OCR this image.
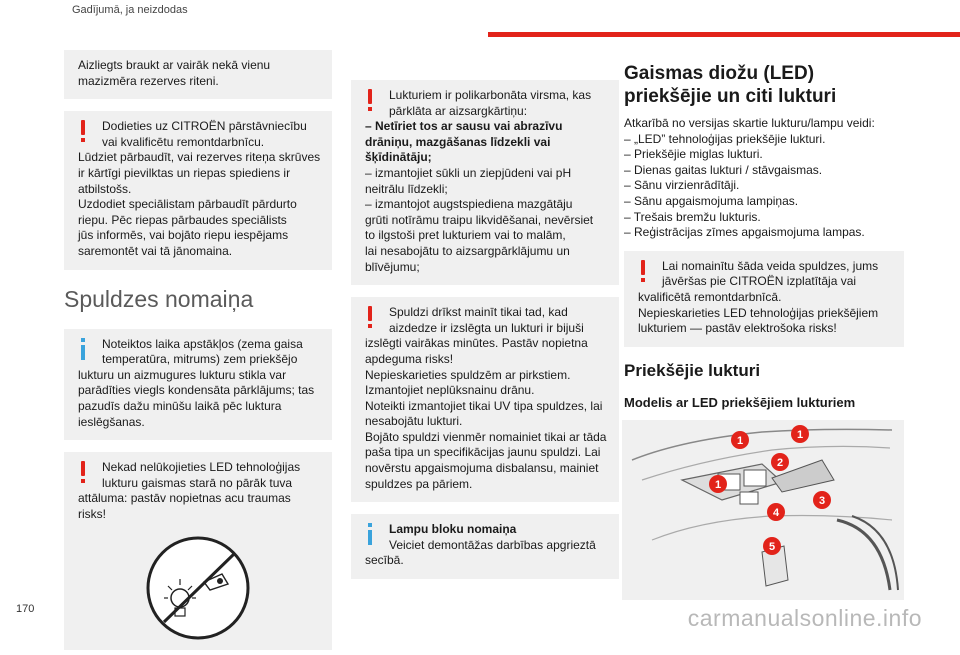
Gadījumā, ja neizdodas
Aizliegts braukt ar vairāk nekā vienu
mazizmēra rezerves riteni.
Dodieties uz CITROËN pārstāvniecību
vai kvalificētu remontdarbnīcu.
Lūdziet pārbaudīt, vai rezerves riteņa skrūves
ir kārtīgi pievilktas un riepas spiediens ir
atbilstošs.
Uzdodiet speciālistam pārbaudīt pārdurto
riepu. Pēc riepas pārbaudes speciālists
jūs informēs, vai bojāto riepu iespējams
saremontēt vai tā jānomaina.
Spuldzes nomaiņa
Noteiktos laika apstākļos (zema gaisa
temperatūra, mitrums) zem priekšējo
lukturu un aizmugures lukturu stikla var
parādīties viegls kondensāta pārklājums; tas
pazudīs dažu minūšu laikā pēc luktura
ieslēgšanas.
Nekad nelūkojieties LED tehnoloģijas
lukturu gaismas starā no pārāk tuva
attāluma: pastāv nopietnas acu traumas risks!
Lukturiem ir polikarbonāta virsma, kas
pārklāta ar aizsargkārtiņu:
– Netīriet tos ar sausu vai abrazīvu
drāniņu, mazgāšanas līdzekli vai
šķīdinātāju;
– izmantojiet sūkli un ziepjūdeni vai pH
neitrālu līdzekli;
– izmantojot augstspiediena mazgātāju
grūti notīrāmu traipu likvidēšanai, nevērsiet
to ilgstoši pret lukturiem vai to malām,
lai nesabojātu to aizsargpārklājumu un
blīvējumu;
Spuldzi drīkst mainīt tikai tad, kad
aizdedze ir izslēgta un lukturi ir bijuši
izslēgti vairākas minūtes. Pastāv nopietna
apdeguma risks!
Nepieskarieties spuldzēm ar pirkstiem.
Izmantojiet neplūksnainu drānu.
Noteikti izmantojiet tikai UV tipa spuldzes, lai
nesabojātu lukturi.
Bojāto spuldzi vienmēr nomainiet tikai ar tāda
paša tipa un specifikācijas jaunu spuldzi. Lai
novērstu apgaismojuma disbalansu, mainiet
spuldzes pa pāriem.
Lampu bloku nomaiņa
Veiciet demontāžas darbības apgrieztā
secībā.
Gaismas diožu (LED)
priekšējie un citi lukturi
Atkarībā no versijas skartie lukturu/lampu veidi:
– „LED” tehnoloģijas priekšējie lukturi.
– Priekšējie miglas lukturi.
– Dienas gaitas lukturi / stāvgaismas.
– Sānu virzienrādītāji.
– Sānu apgaismojuma lampiņas.
– Trešais bremžu lukturis.
– Reģistrācijas zīmes apgaismojuma lampas.
Lai nomainītu šāda veida spuldzes, jums
jāvēršas pie CITROËN izplatītāja vai
kvalificētā remontdarbnīcā.
Nepieskarieties LED tehnoloģijas priekšējiem
lukturiem — pastāv elektrošoka risks!
Priekšējie lukturi
Modelis ar LED priekšējiem lukturiem
1	1
1
2
3
4
5
170	carmanualsonline.info
